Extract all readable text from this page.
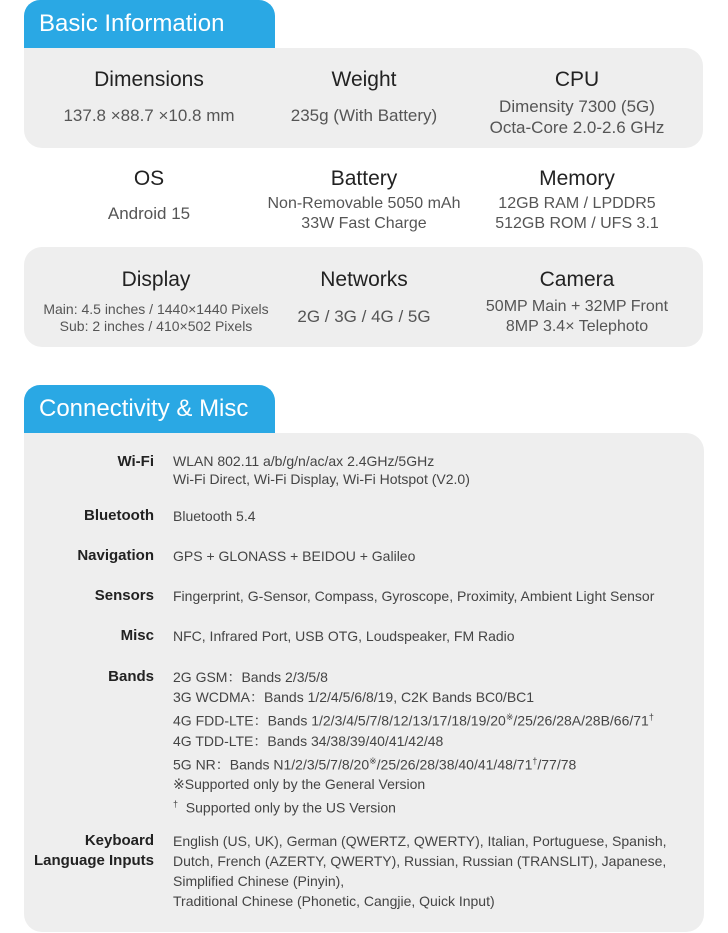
Basic Information
Dimensions
137.8 ×88.7 ×10.8 mm
Weight
235g (With Battery)
CPU
Dimensity 7300 (5G)
Octa-Core 2.0-2.6 GHz
OS
Android 15
Battery
Non-Removable 5050 mAh
33W Fast Charge
Memory
12GB RAM / LPDDR5
512GB ROM / UFS 3.1
Display
Main: 4.5 inches / 1440×1440 Pixels
Sub: 2 inches / 410×502 Pixels
Networks
2G / 3G / 4G / 5G
Camera
50MP Main + 32MP Front
8MP 3.4× Telephoto
Connectivity & Misc
Wi-Fi WLAN 802.11 a/b/g/n/ac/ax 2.4GHz/5GHz
Wi-Fi Direct, Wi-Fi Display, Wi-Fi Hotspot (V2.0)
Bluetooth Bluetooth 5.4
Navigation GPS + GLONASS + BEIDOU + Galileo
Sensors Fingerprint, G-Sensor, Compass, Gyroscope, Proximity, Ambient Light Sensor
Misc NFC, Infrared Port, USB OTG, Loudspeaker, FM Radio
Bands 2G GSM：Bands 2/3/5/8
3G WCDMA：Bands 1/2/4/5/6/8/19, C2K Bands BC0/BC1
4G FDD-LTE：Bands 1/2/3/4/5/7/8/12/13/17/18/19/20※/25/26/28A/28B/66/71†
4G TDD-LTE：Bands 34/38/39/40/41/42/48
5G NR：Bands N1/2/3/5/7/8/20※/25/26/28/38/40/41/48/71†/77/78
※Supported only by the General Version
† Supported only by the US Version
Keyboard
Language Inputs
English (US, UK), German (QWERTZ, QWERTY), Italian, Portuguese, Spanish,
Dutch, French (AZERTY, QWERTY), Russian, Russian (TRANSLIT), Japanese,
Simplified Chinese (Pinyin),
Traditional Chinese (Phonetic, Cangjie, Quick Input)
